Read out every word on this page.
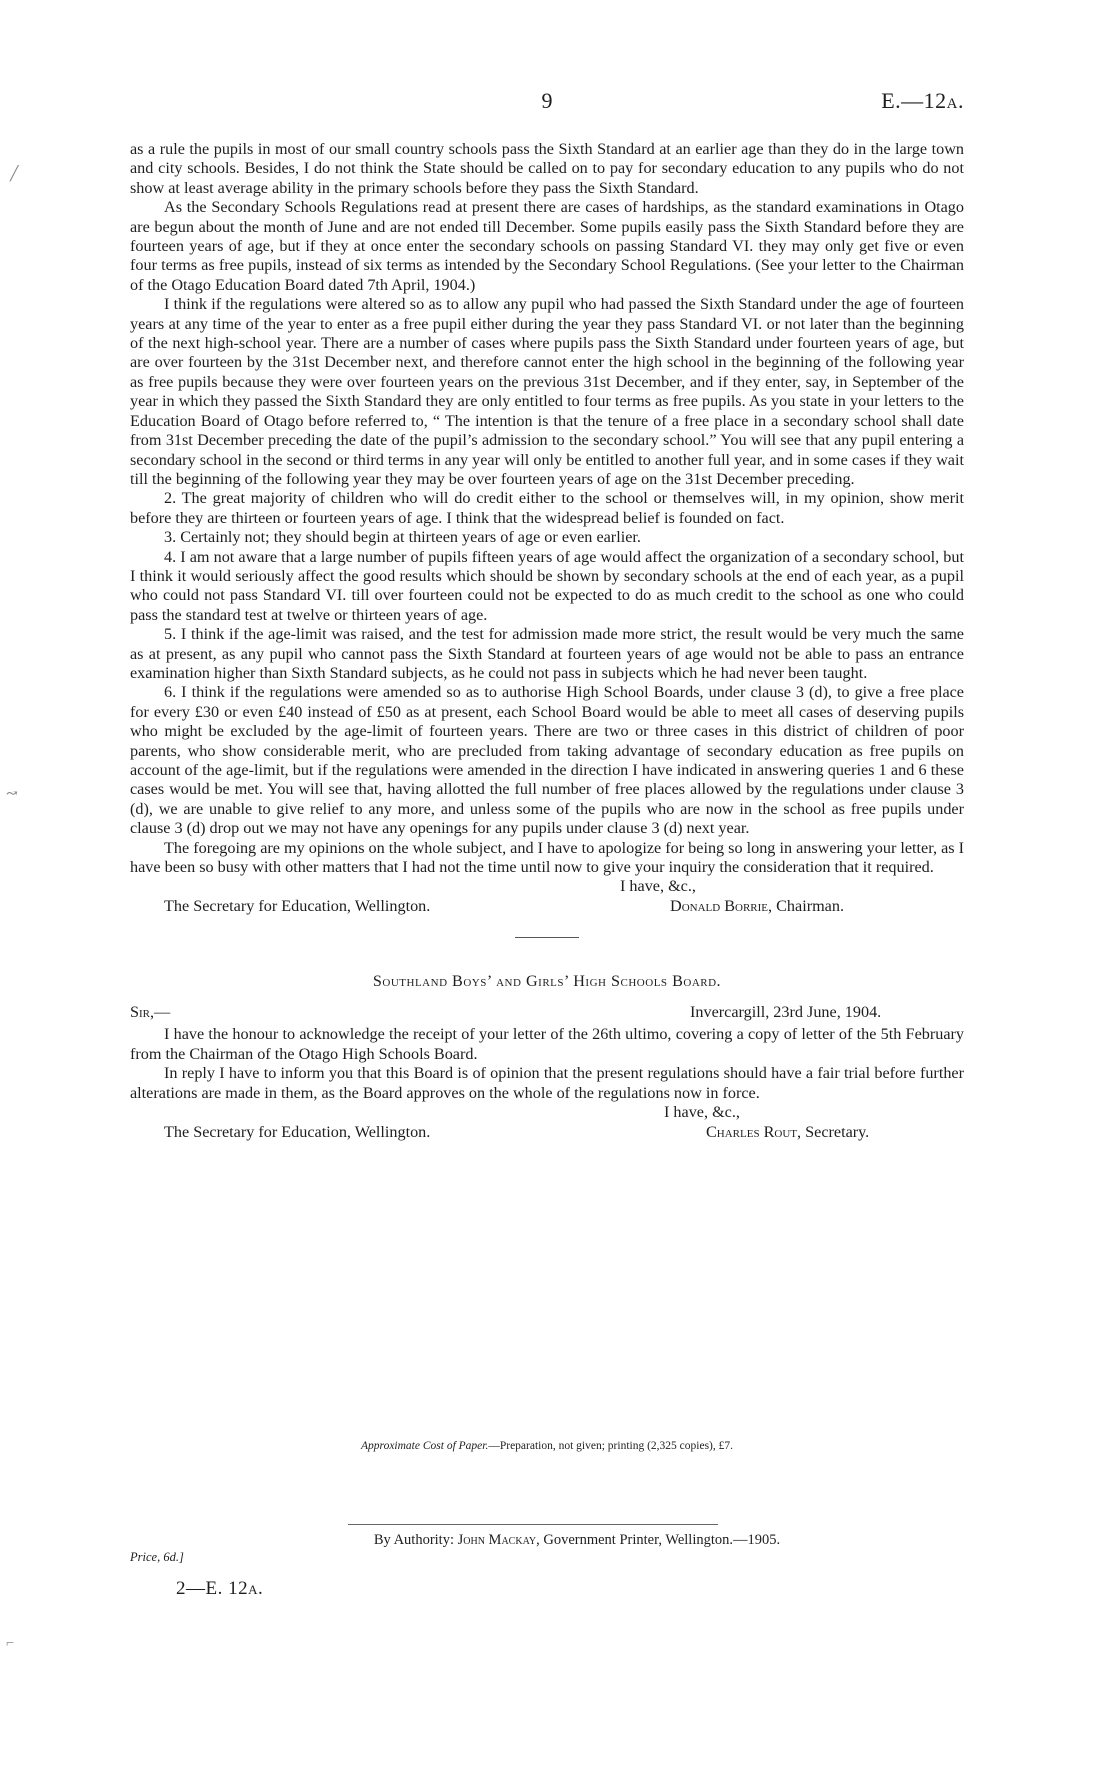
╱
↝
⌐
9	E.—12a.

as a rule the pupils in most of our small country schools pass the Sixth Standard at an earlier age than they do in the large town and city schools. Besides, I do not think the State should be called on to pay for secondary education to any pupils who do not show at least average ability in the primary schools before they pass the Sixth Standard.

As the Secondary Schools Regulations read at present there are cases of hardships, as the standard examinations in Otago are begun about the month of June and are not ended till December. Some pupils easily pass the Sixth Standard before they are fourteen years of age, but if they at once enter the secondary schools on passing Standard VI. they may only get five or even four terms as free pupils, instead of six terms as intended by the Secondary School Regulations. (See your letter to the Chairman of the Otago Education Board dated 7th April, 1904.)

I think if the regulations were altered so as to allow any pupil who had passed the Sixth Standard under the age of fourteen years at any time of the year to enter as a free pupil either during the year they pass Standard VI. or not later than the beginning of the next high-school year. There are a number of cases where pupils pass the Sixth Standard under fourteen years of age, but are over fourteen by the 31st December next, and therefore cannot enter the high school in the beginning of the following year as free pupils because they were over fourteen years on the previous 31st December, and if they enter, say, in September of the year in which they passed the Sixth Standard they are only entitled to four terms as free pupils. As you state in your letters to the Education Board of Otago before referred to, “ The intention is that the tenure of a free place in a secondary school shall date from 31st December preceding the date of the pupil’s admission to the secondary school.” You will see that any pupil entering a secondary school in the second or third terms in any year will only be entitled to another full year, and in some cases if they wait till the beginning of the following year they may be over fourteen years of age on the 31st December preceding.

2. The great majority of children who will do credit either to the school or themselves will, in my opinion, show merit before they are thirteen or fourteen years of age. I think that the widespread belief is founded on fact.

3. Certainly not; they should begin at thirteen years of age or even earlier.

4. I am not aware that a large number of pupils fifteen years of age would affect the organization of a secondary school, but I think it would seriously affect the good results which should be shown by secondary schools at the end of each year, as a pupil who could not pass Standard VI. till over fourteen could not be expected to do as much credit to the school as one who could pass the standard test at twelve or thirteen years of age.

5. I think if the age-limit was raised, and the test for admission made more strict, the result would be very much the same as at present, as any pupil who cannot pass the Sixth Standard at fourteen years of age would not be able to pass an entrance examination higher than Sixth Standard subjects, as he could not pass in subjects which he had never been taught.

6. I think if the regulations were amended so as to authorise High School Boards, under clause 3 (d), to give a free place for every £30 or even £40 instead of £50 as at present, each School Board would be able to meet all cases of deserving pupils who might be excluded by the age-limit of fourteen years. There are two or three cases in this district of children of poor parents, who show considerable merit, who are precluded from taking advantage of secondary education as free pupils on account of the age-limit, but if the regulations were amended in the direction I have indicated in answering queries 1 and 6 these cases would be met. You will see that, having allotted the full number of free places allowed by the regulations under clause 3 (d), we are unable to give relief to any more, and unless some of the pupils who are now in the school as free pupils under clause 3 (d) drop out we may not have any openings for any pupils under clause 3 (d) next year.

The foregoing are my opinions on the whole subject, and I have to apologize for being so long in answering your letter, as I have been so busy with other matters that I had not the time until now to give your inquiry the consideration that it required.

I have, &c.,
The Secretary for Education, Wellington.	Donald Borrie, Chairman.
Southland Boys’ and Girls’ High Schools Board.
Sir,—	Invercargill, 23rd June, 1904.

I have the honour to acknowledge the receipt of your letter of the 26th ultimo, covering a copy of letter of the 5th February from the Chairman of the Otago High Schools Board.

In reply I have to inform you that this Board is of opinion that the present regulations should have a fair trial before further alterations are made in them, as the Board approves on the whole of the regulations now in force.

I have, &c.,
The Secretary for Education, Wellington.	Charles Rout, Secretary.
Approximate Cost of Paper.—Preparation, not given; printing (2,325 copies), £7.
By Authority: John Mackay, Government Printer, Wellington.—1905.
Price, 6d.]
2—E. 12a.
